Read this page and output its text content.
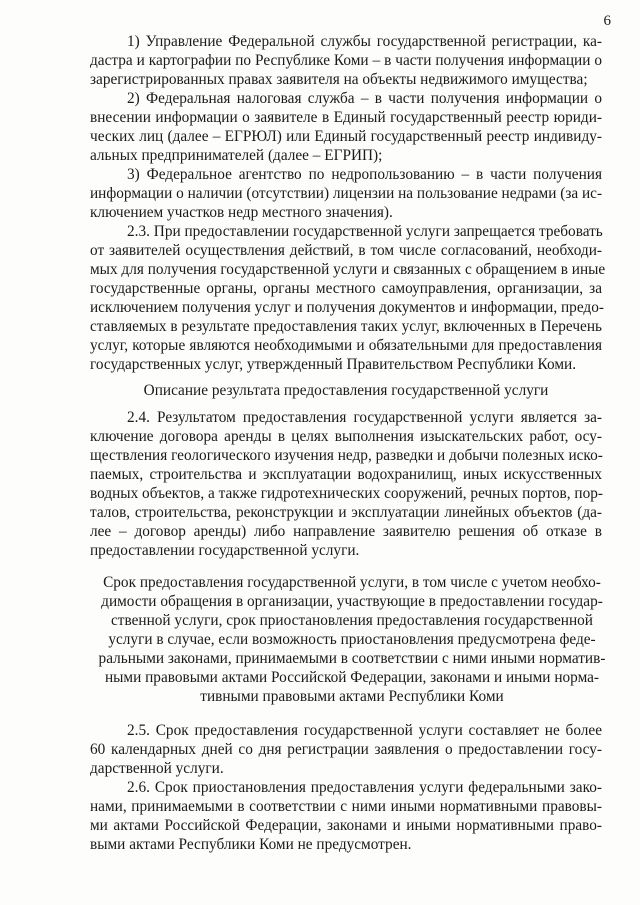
6
1) Управление Федеральной службы государственной регистрации, ка-
дастра и картографии по Республике Коми – в части получения информации о
зарегистрированных правах заявителя на объекты недвижимого имущества;
2) Федеральная налоговая служба – в части получения информации о
внесении информации о заявителе в Единый государственный реестр юриди-
ческих лиц (далее – ЕГРЮЛ) или Единый государственный реестр индивиду-
альных предпринимателей (далее – ЕГРИП);
3) Федеральное агентство по недропользованию – в части получения
информации о наличии (отсутствии) лицензии на пользование недрами (за ис-
ключением участков недр местного значения).
2.3. При предоставлении государственной услуги запрещается требовать
от заявителей осуществления действий, в том числе согласований, необходи-
мых для получения государственной услуги и связанных с обращением в иные
государственные органы, органы местного самоуправления, организации, за
исключением получения услуг и получения документов и информации, предо-
ставляемых в результате предоставления таких услуг, включенных в Перечень
услуг, которые являются необходимыми и обязательными для предоставления
государственных услуг, утвержденный Правительством Республики Коми.
Описание результата предоставления государственной услуги
2.4. Результатом предоставления государственной услуги является за-
ключение договора аренды в целях выполнения изыскательских работ, осу-
ществления геологического изучения недр, разведки и добычи полезных иско-
паемых, строительства и эксплуатации водохранилищ, иных искусственных
водных объектов, а также гидротехнических сооружений, речных портов, пор-
талов, строительства, реконструкции и эксплуатации линейных объектов (да-
лее – договор аренды) либо направление заявителю решения об отказе в
предоставлении государственной услуги.
Срок предоставления государственной услуги, в том числе с учетом необхо-
димости обращения в организации, участвующие в предоставлении государ-
ственной услуги, срок приостановления предоставления государственной
услуги в случае, если возможность приостановления предусмотрена феде-
ральными законами, принимаемыми в соответствии с ними иными норматив-
ными правовыми актами Российской Федерации, законами и иными норма-
тивными правовыми актами Республики Коми
2.5. Срок предоставления государственной услуги составляет не более
60 календарных дней со дня регистрации заявления о предоставлении госу-
дарственной услуги.
2.6. Срок приостановления предоставления услуги федеральными зако-
нами, принимаемыми в соответствии с ними иными нормативными правовы-
ми актами Российской Федерации, законами и иными нормативными право-
выми актами Республики Коми не предусмотрен.
